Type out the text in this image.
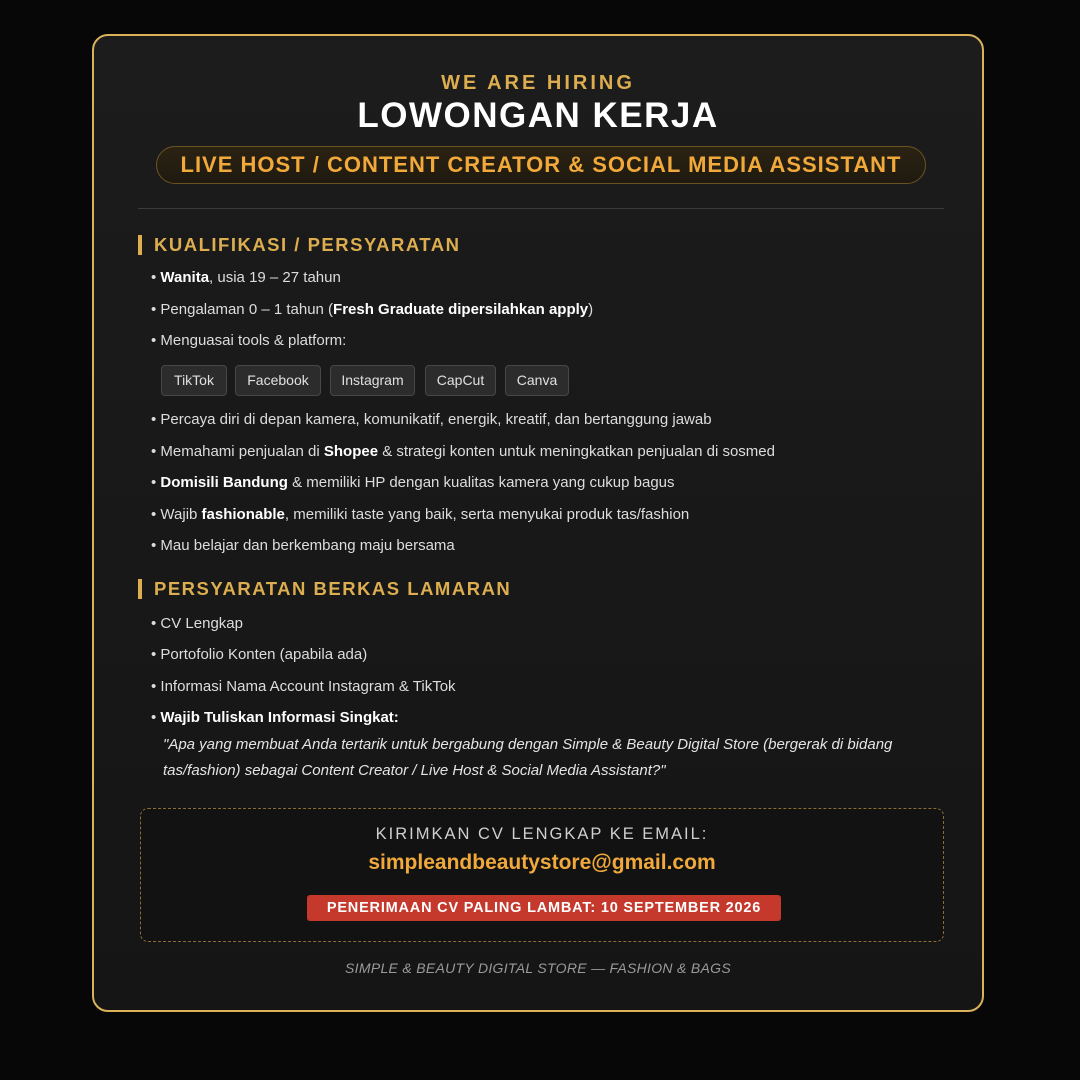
WE ARE HIRING
LOWONGAN KERJA
LIVE HOST / CONTENT CREATOR & SOCIAL MEDIA ASSISTANT
KUALIFIKASI / PERSYARATAN
• Wanita, usia 19 – 27 tahun
• Pengalaman 0 – 1 tahun (Fresh Graduate dipersilahkan apply)
• Menguasai tools & platform:
TikTok	Facebook	Instagram	CapCut	Canva
• Percaya diri di depan kamera, komunikatif, energik, kreatif, dan bertanggung jawab
• Memahami penjualan di Shopee & strategi konten untuk meningkatkan penjualan di sosmed
• Domisili Bandung & memiliki HP dengan kualitas kamera yang cukup bagus
• Wajib fashionable, memiliki taste yang baik, serta menyukai produk tas/fashion
• Mau belajar dan berkembang maju bersama
PERSYARATAN BERKAS LAMARAN
• CV Lengkap
• Portofolio Konten (apabila ada)
• Informasi Nama Account Instagram & TikTok
• Wajib Tuliskan Informasi Singkat:
"Apa yang membuat Anda tertarik untuk bergabung dengan Simple & Beauty Digital Store (bergerak di bidang tas/fashion) sebagai Content Creator / Live Host & Social Media Assistant?"
KIRIMKAN CV LENGKAP KE EMAIL:
simpleandbeautystore@gmail.com
PENERIMAAN CV PALING LAMBAT: 10 SEPTEMBER 2026
SIMPLE & BEAUTY DIGITAL STORE — FASHION & BAGS
